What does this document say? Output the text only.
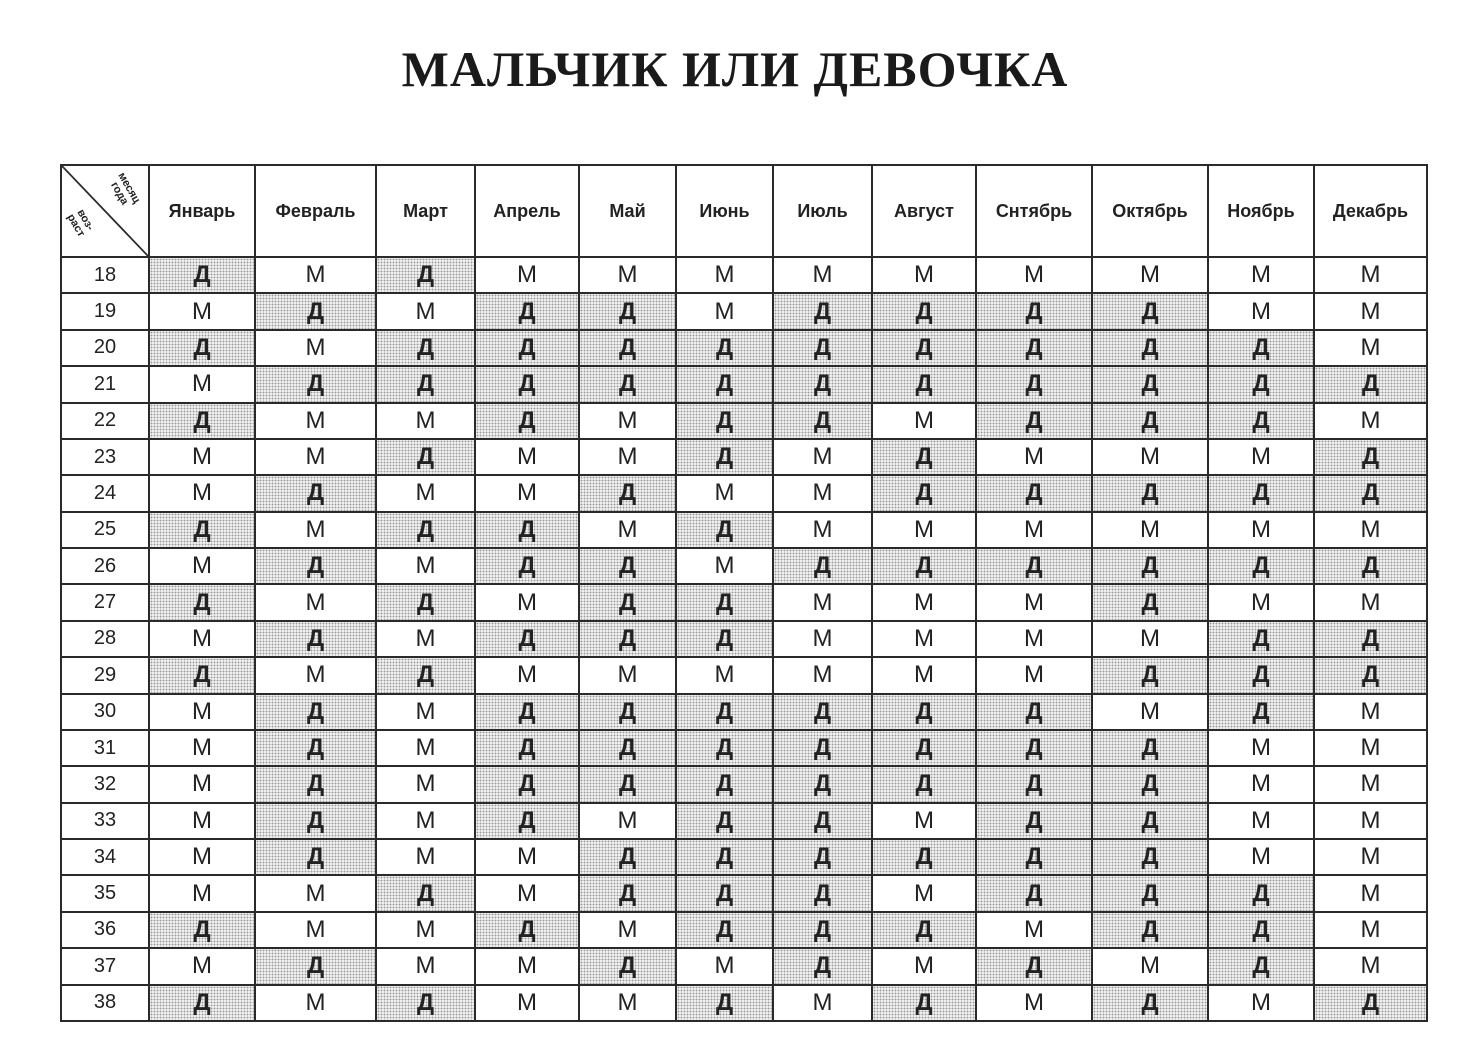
МАЛЬЧИК ИЛИ ДЕВОЧКА
месяц
года
воз-
раст	Январь	Февраль	Март	Апрель	Май	Июнь	Июль	Август	Снтябрь	Октябрь	Ноябрь	Декабрь
18	Д	М	Д	М	М	М	М	М	М	М	М	М
19	М	Д	М	Д	Д	М	Д	Д	Д	Д	М	М
20	Д	М	Д	Д	Д	Д	Д	Д	Д	Д	Д	М
21	М	Д	Д	Д	Д	Д	Д	Д	Д	Д	Д	Д
22	Д	М	М	Д	М	Д	Д	М	Д	Д	Д	М
23	М	М	Д	М	М	Д	М	Д	М	М	М	Д
24	М	Д	М	М	Д	М	М	Д	Д	Д	Д	Д
25	Д	М	Д	Д	М	Д	М	М	М	М	М	М
26	М	Д	М	Д	Д	М	Д	Д	Д	Д	Д	Д
27	Д	М	Д	М	Д	Д	М	М	М	Д	М	М
28	М	Д	М	Д	Д	Д	М	М	М	М	Д	Д
29	Д	М	Д	М	М	М	М	М	М	Д	Д	Д
30	М	Д	М	Д	Д	Д	Д	Д	Д	М	Д	М
31	М	Д	М	Д	Д	Д	Д	Д	Д	Д	М	М
32	М	Д	М	Д	Д	Д	Д	Д	Д	Д	М	М
33	М	Д	М	Д	М	Д	Д	М	Д	Д	М	М
34	М	Д	М	М	Д	Д	Д	Д	Д	Д	М	М
35	М	М	Д	М	Д	Д	Д	М	Д	Д	Д	М
36	Д	М	М	Д	М	Д	Д	Д	М	Д	Д	М
37	М	Д	М	М	Д	М	Д	М	Д	М	Д	М
38	Д	М	Д	М	М	Д	М	Д	М	Д	М	Д
